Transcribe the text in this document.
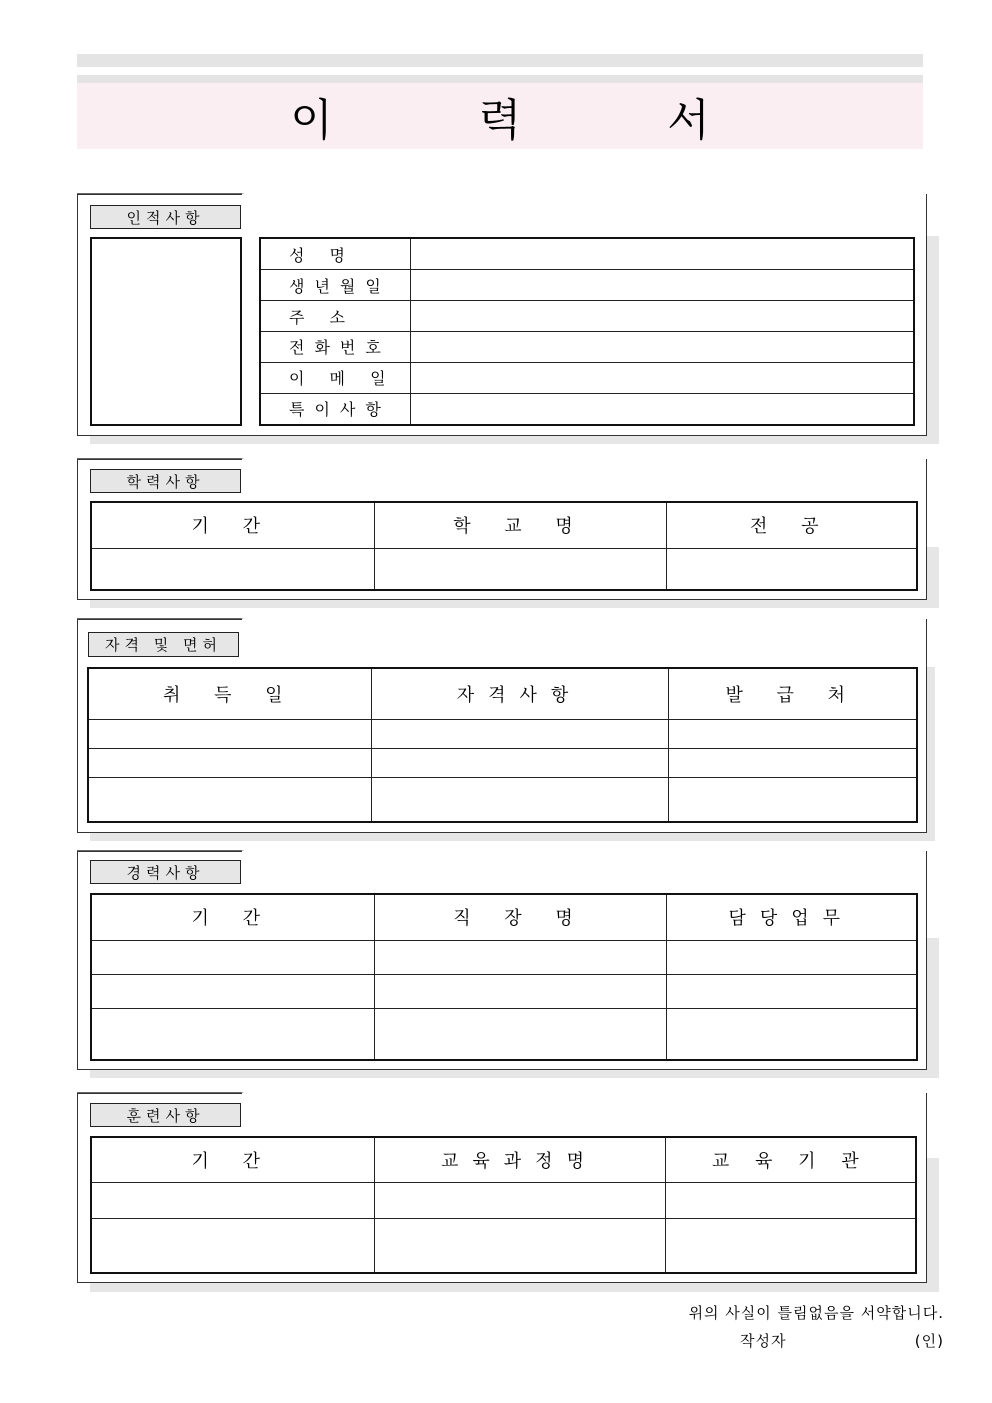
이 력 서
인적사항
성 명	
생년월일	
주 소	
전화번호	
이 메 일	
특이사항	
학력사항
기 간	학 교 명	전 공

자격 및 면허
취 득 일	자격사항	발 급 처

경력사항
기 간	직 장 명	담당업무

훈련사항
기 간	교육과정명	교 육 기 관

위의 사실이 틀림없음을 서약합니다.
작성자	(인)
